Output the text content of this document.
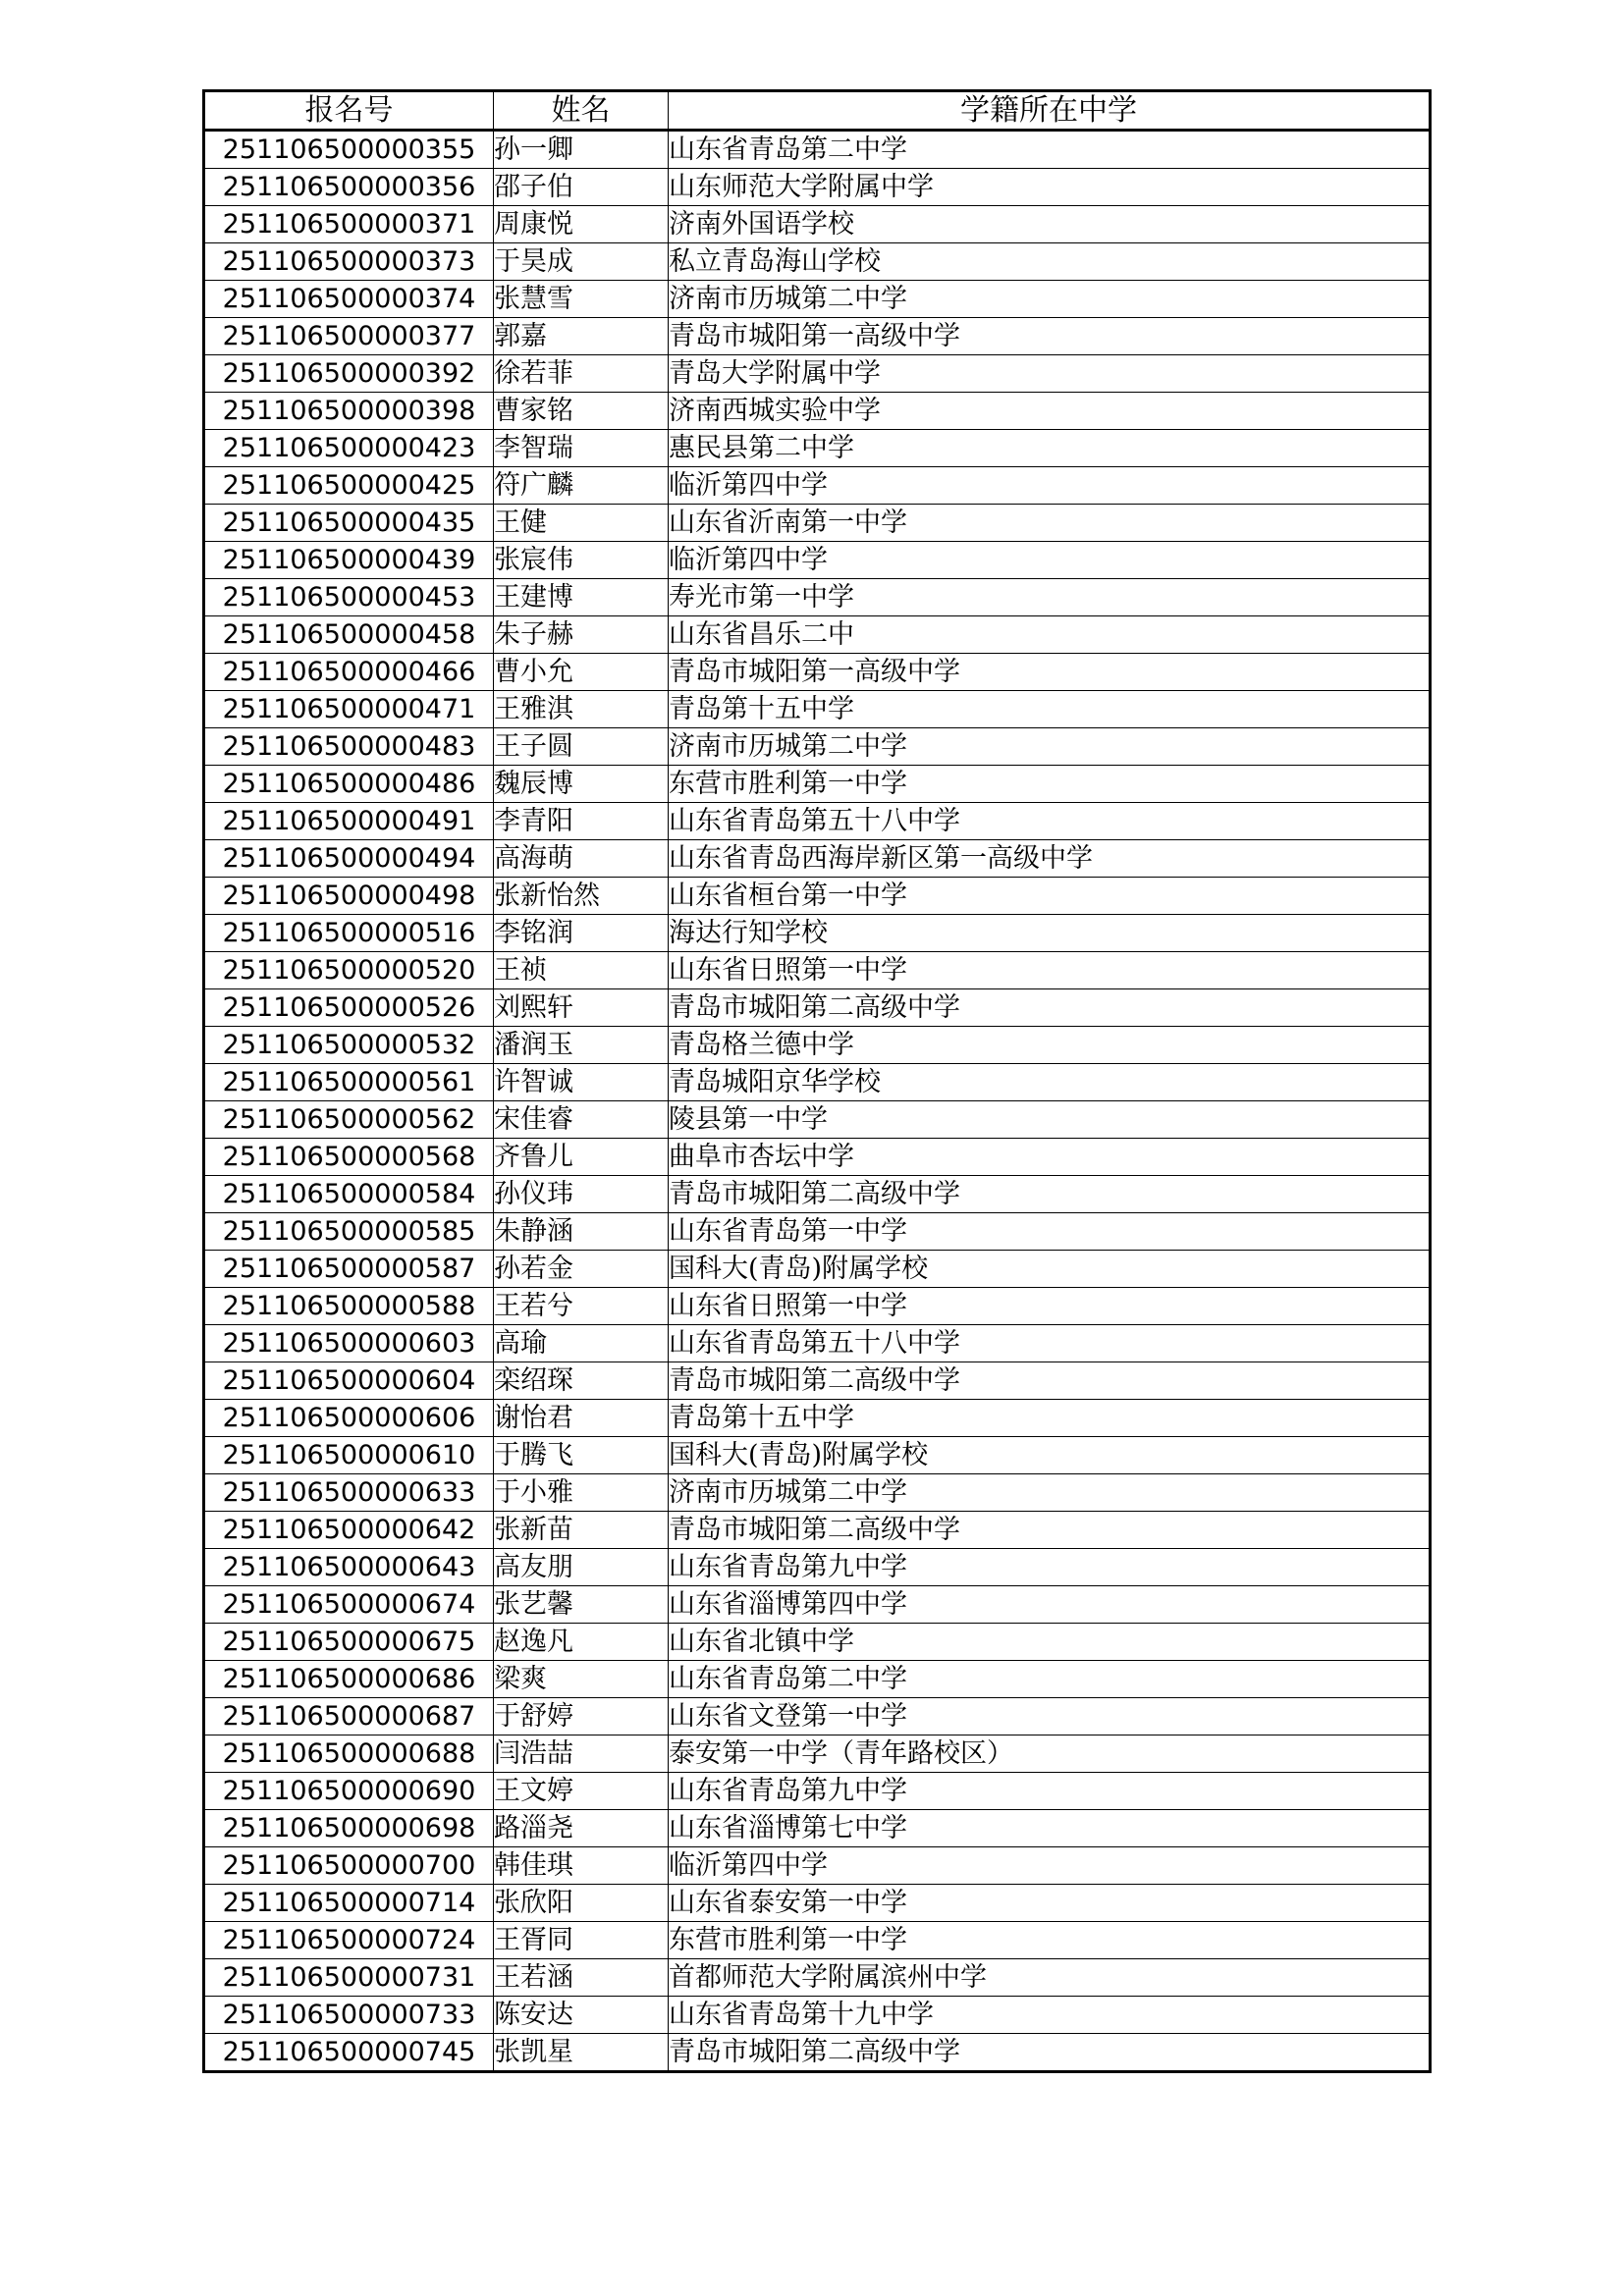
报名号	姓名	学籍所在中学
251106500000355	孙一卿	山东省青岛第二中学
251106500000356	邵子伯	山东师范大学附属中学
251106500000371	周康悦	济南外国语学校
251106500000373	于昊成	私立青岛海山学校
251106500000374	张慧雪	济南市历城第二中学
251106500000377	郭嘉	青岛市城阳第一高级中学
251106500000392	徐若菲	青岛大学附属中学
251106500000398	曹家铭	济南西城实验中学
251106500000423	李智瑞	惠民县第二中学
251106500000425	符广麟	临沂第四中学
251106500000435	王健	山东省沂南第一中学
251106500000439	张宸伟	临沂第四中学
251106500000453	王建博	寿光市第一中学
251106500000458	朱子赫	山东省昌乐二中
251106500000466	曹小允	青岛市城阳第一高级中学
251106500000471	王雅淇	青岛第十五中学
251106500000483	王子圆	济南市历城第二中学
251106500000486	魏辰博	东营市胜利第一中学
251106500000491	李青阳	山东省青岛第五十八中学
251106500000494	高海萌	山东省青岛西海岸新区第一高级中学
251106500000498	张新怡然	山东省桓台第一中学
251106500000516	李铭润	海达行知学校
251106500000520	王祯	山东省日照第一中学
251106500000526	刘熙轩	青岛市城阳第二高级中学
251106500000532	潘润玉	青岛格兰德中学
251106500000561	许智诚	青岛城阳京华学校
251106500000562	宋佳睿	陵县第一中学
251106500000568	齐鲁儿	曲阜市杏坛中学
251106500000584	孙仪玮	青岛市城阳第二高级中学
251106500000585	朱静涵	山东省青岛第一中学
251106500000587	孙若金	国科大(青岛)附属学校
251106500000588	王若兮	山东省日照第一中学
251106500000603	高瑜	山东省青岛第五十八中学
251106500000604	栾绍琛	青岛市城阳第二高级中学
251106500000606	谢怡君	青岛第十五中学
251106500000610	于腾飞	国科大(青岛)附属学校
251106500000633	于小雅	济南市历城第二中学
251106500000642	张新苗	青岛市城阳第二高级中学
251106500000643	高友朋	山东省青岛第九中学
251106500000674	张艺馨	山东省淄博第四中学
251106500000675	赵逸凡	山东省北镇中学
251106500000686	梁爽	山东省青岛第二中学
251106500000687	于舒婷	山东省文登第一中学
251106500000688	闫浩喆	泰安第一中学（青年路校区）
251106500000690	王文婷	山东省青岛第九中学
251106500000698	路淄尧	山东省淄博第七中学
251106500000700	韩佳琪	临沂第四中学
251106500000714	张欣阳	山东省泰安第一中学
251106500000724	王胥同	东营市胜利第一中学
251106500000731	王若涵	首都师范大学附属滨州中学
251106500000733	陈安达	山东省青岛第十九中学
251106500000745	张凯星	青岛市城阳第二高级中学
